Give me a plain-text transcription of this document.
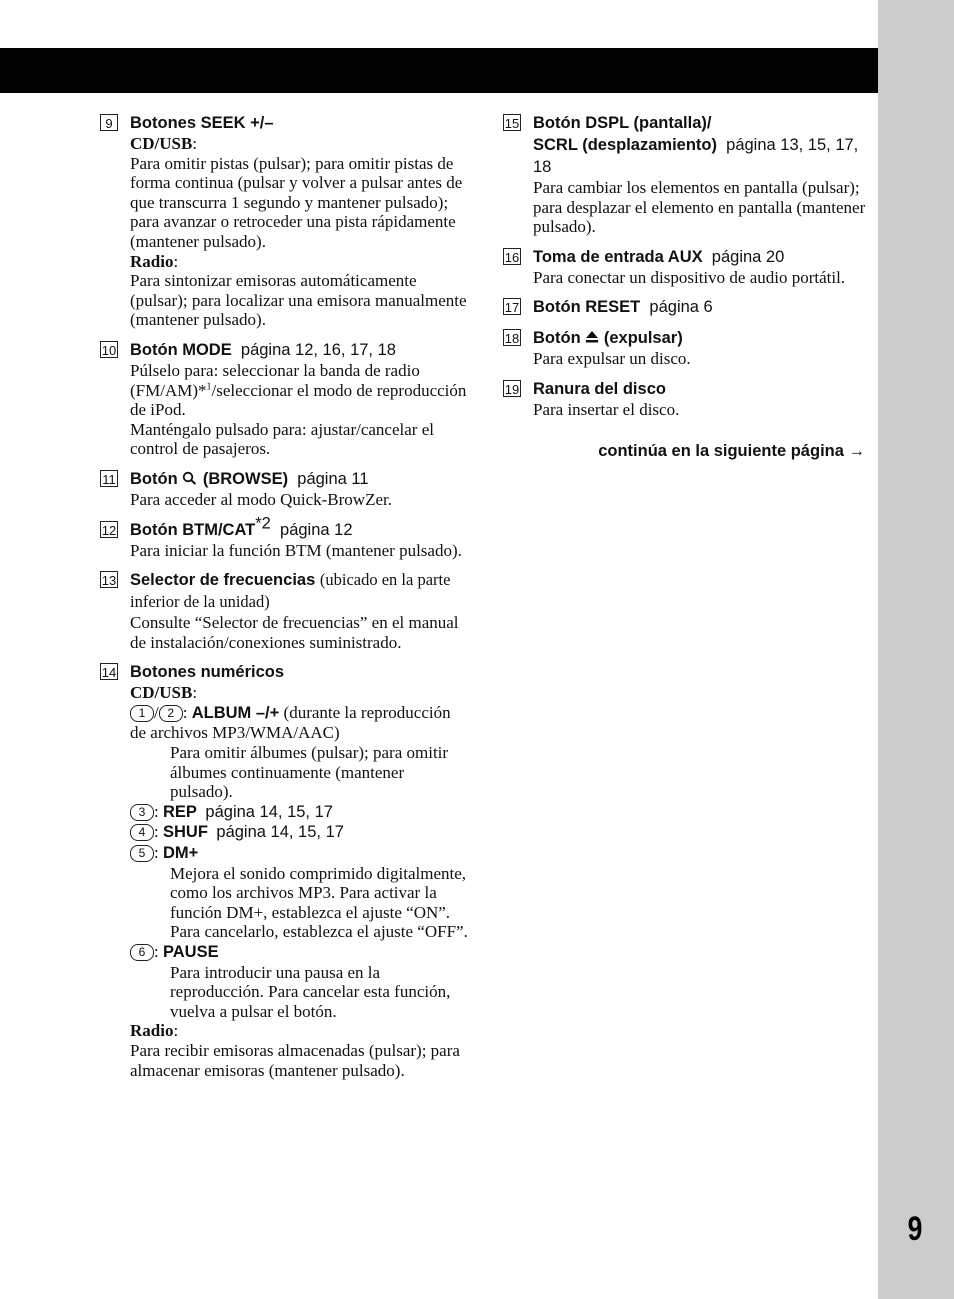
9
9	Botones SEEK +/–
CD/USB:
Para omitir pistas (pulsar); para omitir pistas de forma continua (pulsar y volver a pulsar antes de que transcurra 1 segundo y mantener pulsado); para avanzar o retroceder una pista rápidamente (mantener pulsado).
Radio:
Para sintonizar emisoras automáticamente (pulsar); para localizar una emisora manualmente (mantener pulsado).
10 Botón MODE página 12, 16, 17, 18
Púlselo para: seleccionar la banda de radio (FM/AM)*$^1$/seleccionar el modo de reproducción de iPod.
Manténgalo pulsado para: ajustar/cancelar el control de pasajeros.
11 Botón (BROWSE) página 11
Para acceder al modo Quick-BrowZer.
12 Botón BTM/CAT$^{*2}$ página 12
Para iniciar la función BTM (mantener pulsado).
13 Selector de frecuencias (ubicado en la parte inferior de la unidad)
Consulte “Selector de frecuencias” en el manual de instalación/conexiones suministrado.
14 Botones numéricos
CD/USB:
1 / 2 : ALBUM –/+ (durante la reproducción de archivos MP3/WMA/AAC)
Para omitir álbumes (pulsar); para omitir álbumes continuamente (mantener pulsado).
3 : REP página 14, 15, 17
4 : SHUF página 14, 15, 17
5 : DM+
Mejora el sonido comprimido digitalmente, como los archivos MP3. Para activar la función DM+, establezca el ajuste “ON”. Para cancelarlo, establezca el ajuste “OFF”.
6 : PAUSE
Para introducir una pausa en la reproducción. Para cancelar esta función, vuelva a pulsar el botón.
Radio:
Para recibir emisoras almacenadas (pulsar); para almacenar emisoras (mantener pulsado).
15 Botón DSPL (pantalla)/
SCRL (desplazamiento) página 13, 15, 17, 18
Para cambiar los elementos en pantalla (pulsar); para desplazar el elemento en pantalla (mantener pulsado).
16 Toma de entrada AUX página 20
Para conectar un dispositivo de audio portátil.
17 Botón RESET página 6
18 Botón (expulsar)
Para expulsar un disco.
19 Ranura del disco
Para insertar el disco.
continúa en la siguiente página →
